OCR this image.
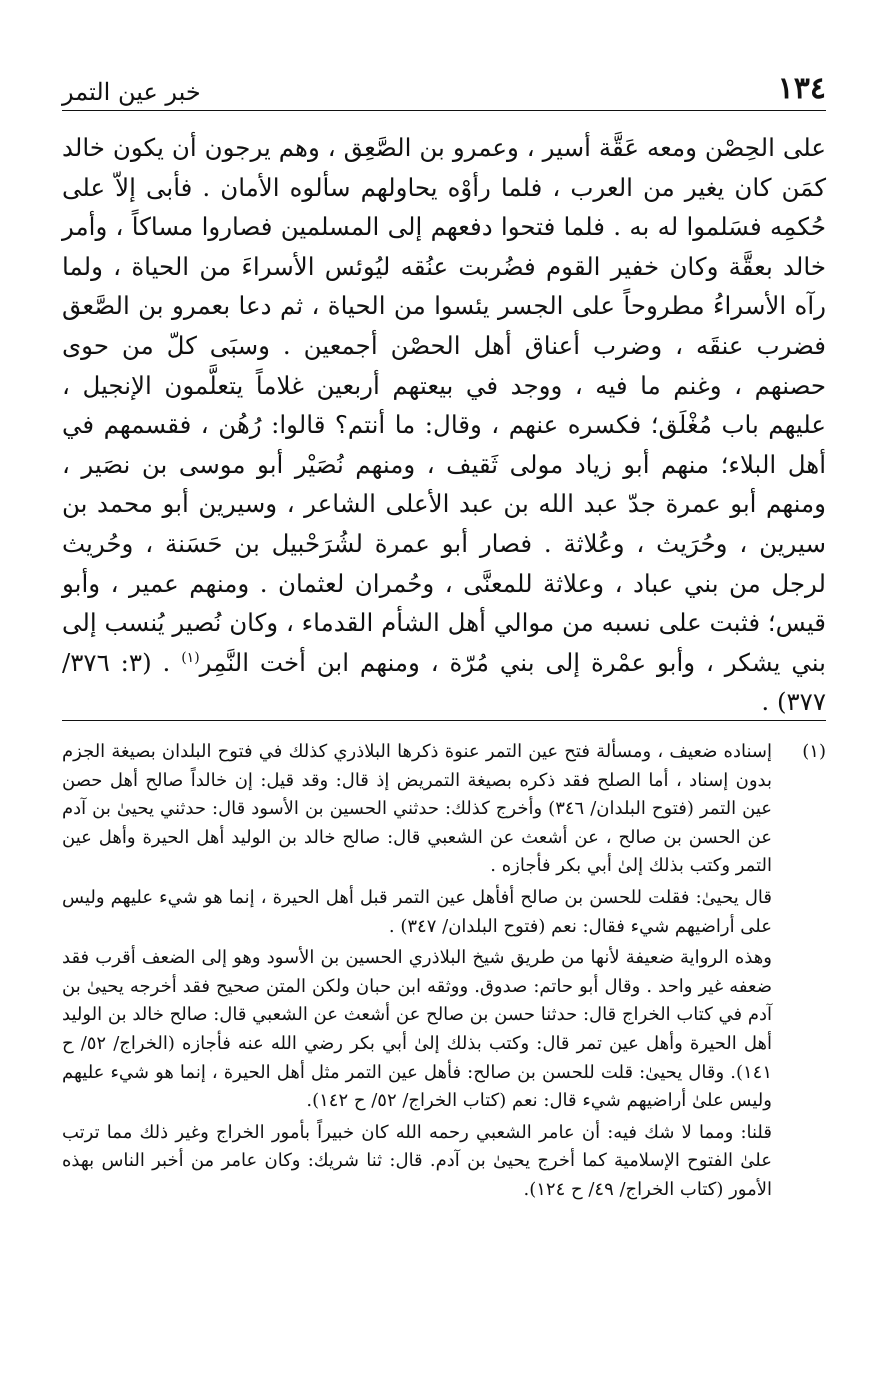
١٣٤
خبر عين التمر

على الحِصْن ومعه عَقَّة أسير ، وعمرو بن الصَّعِق ، وهم يرجون أن يكون خالد كمَن كان يغير من العرب ، فلما رأوْه يحاولهم سألوه الأمان . فأبى إلاّ على حُكمِه فسَلموا له به . فلما فتحوا دفعهم إلى المسلمين فصاروا مساكاً ، وأمر خالد بعقَّة وكان خفير القوم فضُربت عنُقه ليُوئس الأسراءَ من الحياة ، ولما رآه الأسراءُ مطروحاً على الجسر يئسوا من الحياة ، ثم دعا بعمرو بن الصَّعق فضرب عنقَه ، وضرب أعناق أهل الحصْن أجمعين . وسبَى كلّ من حوى حصنهم ، وغنم ما فيه ، ووجد في بيعتهم أربعين غلاماً يتعلَّمون الإنجيل ، عليهم باب مُغْلَق؛ فكسره عنهم ، وقال: ما أنتم؟ قالوا: رُهُن ، فقسمهم في أهل البلاء؛ منهم أبو زياد مولى ثَقيف ، ومنهم نُصَيْر أبو موسى بن نصَير ، ومنهم أبو عمرة جدّ عبد الله بن عبد الأعلى الشاعر ، وسيرين أبو محمد بن سيرين ، وحُرَيث ، وعُلاثة . فصار أبو عمرة لشُرَحْبيل بن حَسَنة ، وحُريث لرجل من بني عباد ، وعلاثة للمعنَّى ، وحُمران لعثمان . ومنهم عمير ، وأبو قيس؛ فثبت على نسبه من موالي أهل الشأم القدماء ، وكان نُصير يُنسب إلى بني يشكر ، وأبو عمْرة إلى بني مُرّة ، ومنهم ابن أخت النَّمِر$^{(١)}$ . (٣: ٣٧٦/ ٣٧٧) .

(١)

إسناده ضعيف ، ومسألة فتح عين التمر عنوة ذكرها البلاذري كذلك في فتوح البلدان بصيغة الجزم بدون إسناد ، أما الصلح فقد ذكره بصيغة التمريض إذ قال: وقد قيل: إن خالداً صالح أهل حصن عين التمر (فتوح البلدان/ ٣٤٦) وأخرج كذلك: حدثني الحسين بن الأسود قال: حدثني يحيىٰ بن آدم عن الحسن بن صالح ، عن أشعث عن الشعبي قال: صالح خالد بن الوليد أهل الحيرة وأهل عين التمر وكتب بذلك إلىٰ أبي بكر فأجازه .

قال يحيىٰ: فقلت للحسن بن صالح أفأهل عين التمر قبل أهل الحيرة ، إنما هو شيء عليهم وليس على أراضيهم شيء فقال: نعم (فتوح البلدان/ ٣٤٧) .

وهذه الرواية ضعيفة لأنها من طريق شيخ البلاذري الحسين بن الأسود وهو إلى الضعف أقرب فقد ضعفه غير واحد . وقال أبو حاتم: صدوق. ووثقه ابن حبان ولكن المتن صحيح فقد أخرجه يحيىٰ بن آدم في كتاب الخراج قال: حدثنا حسن بن صالح عن أشعث عن الشعبي قال: صالح خالد بن الوليد أهل الحيرة وأهل عين تمر قال: وكتب بذلك إلىٰ أبي بكر رضي الله عنه فأجازه (الخراج/ ٥٢/ ح ١٤١). وقال يحيىٰ: قلت للحسن بن صالح: فأهل عين التمر مثل أهل الحيرة ، إنما هو شيء عليهم وليس علىٰ أراضيهم شيء قال: نعم (كتاب الخراج/ ٥٢/ ح ١٤٢).

قلنا: ومما لا شك فيه: أن عامر الشعبي رحمه الله كان خبيراً بأمور الخراج وغير ذلك مما ترتب علىٰ الفتوح الإسلامية كما أخرج يحيىٰ بن آدم. قال: ثنا شريك: وكان عامر من أخبر الناس بهذه الأمور (كتاب الخراج/ ٤٩/ ح ١٢٤).
